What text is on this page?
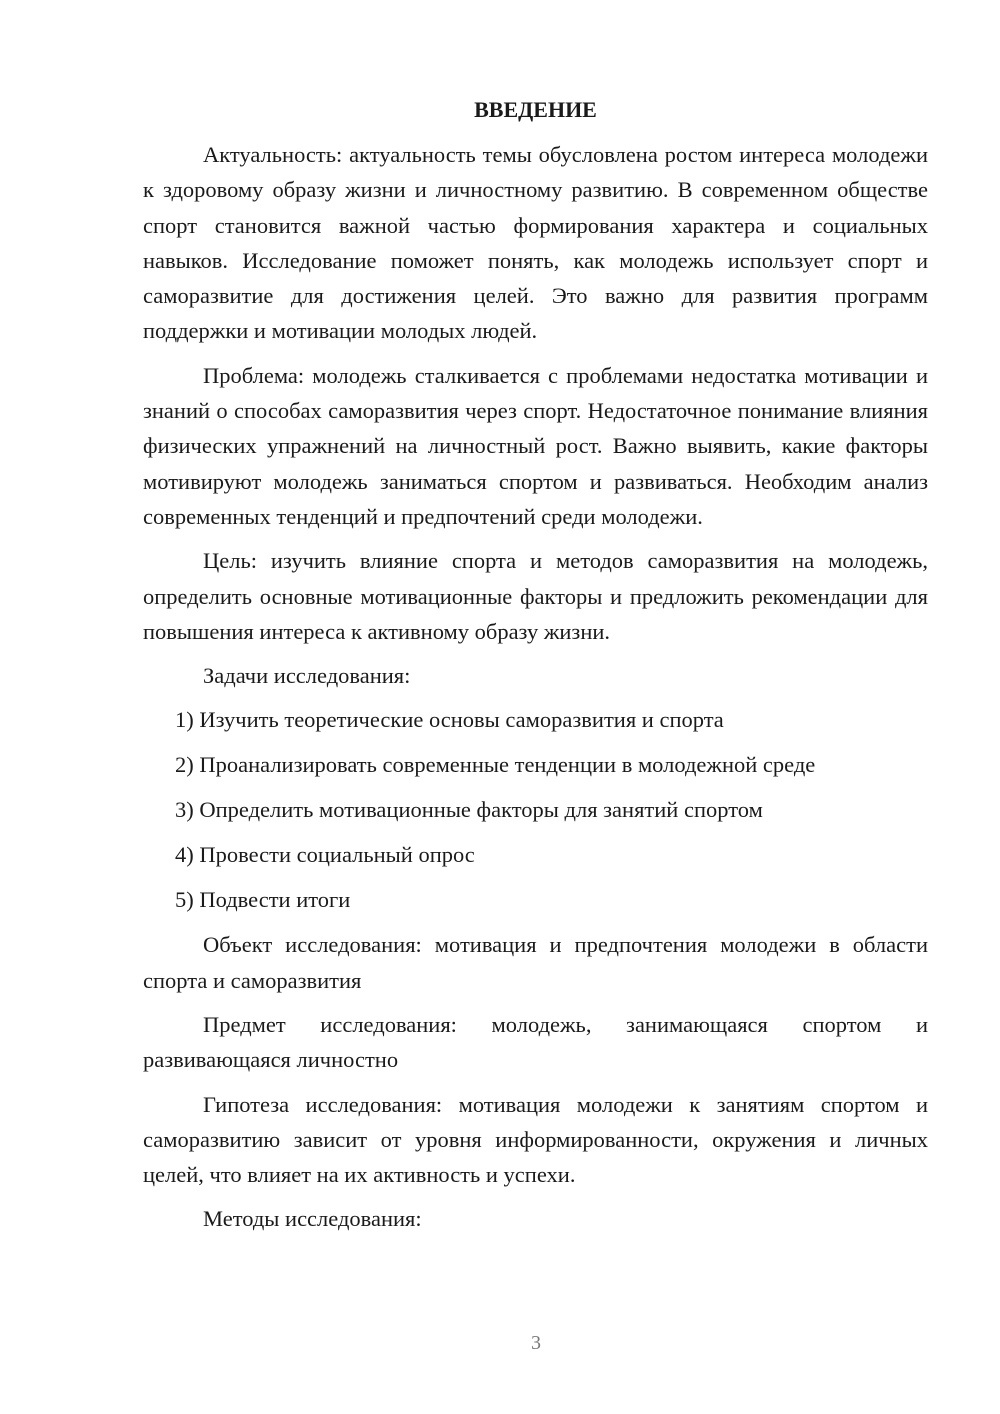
ВВЕДЕНИЕ

Актуальность: актуальность темы обусловлена ростом интереса молодежи к здоровому образу жизни и личностному развитию. В современном обществе спорт становится важной частью формирования характера и социальных навыков. Исследование поможет понять, как молодежь использует спорт и саморазвитие для достижения целей. Это важно для развития программ поддержки и мотивации молодых людей.

Проблема: молодежь сталкивается с проблемами недостатка мотивации и знаний о способах саморазвития через спорт. Недостаточное понимание влияния физических упражнений на личностный рост. Важно выявить, какие факторы мотивируют молодежь заниматься спортом и развиваться. Необходим анализ современных тенденций и предпочтений среди молодежи.

Цель: изучить влияние спорта и методов саморазвития на молодежь, определить основные мотивационные факторы и предложить рекомендации для повышения интереса к активному образу жизни.

Задачи исследования:

1) Изучить теоретические основы саморазвития и спорта

2) Проанализировать современные тенденции в молодежной среде

3) Определить мотивационные факторы для занятий спортом

4) Провести социальный опрос

5) Подвести итоги

Объект исследования: мотивация и предпочтения молодежи в области спорта и саморазвития

Предмет исследования: молодежь, занимающаяся спортом и развивающаяся личностно

Гипотеза исследования: мотивация молодежи к занятиям спортом и саморазвитию зависит от уровня информированности, окружения и личных целей, что влияет на их активность и успехи.

Методы исследования:

3
